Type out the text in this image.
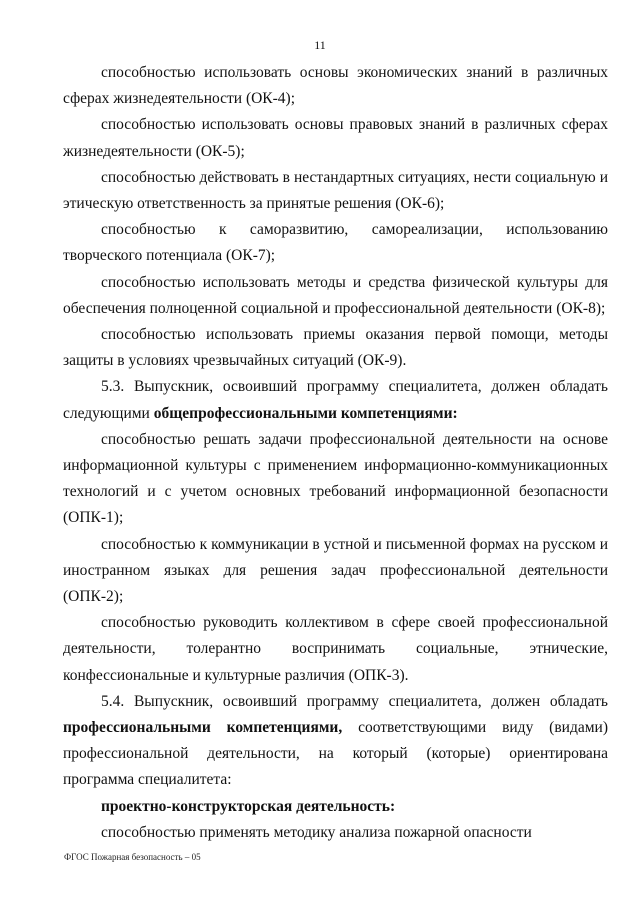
11

способностью использовать основы экономических знаний в различных сферах жизнедеятельности (ОК-4);

способностью использовать основы правовых знаний в различных сферах жизнедеятельности (ОК-5);

способностью действовать в нестандартных ситуациях, нести социальную и этическую ответственность за принятые решения (ОК-6);

способностью к саморазвитию, самореализации, использованию творческого потенциала (ОК-7);

способностью использовать методы и средства физической культуры для обеспечения полноценной социальной и профессиональной деятельности (ОК-8);

способностью использовать приемы оказания первой помощи, методы защиты в условиях чрезвычайных ситуаций (ОК-9).

5.3. Выпускник, освоивший программу специалитета, должен обладать следующими общепрофессиональными компетенциями:

способностью решать задачи профессиональной деятельности на основе информационной культуры с применением информационно-коммуникационных технологий и с учетом основных требований информационной безопасности (ОПК-1);

способностью к коммуникации в устной и письменной формах на русском и иностранном языках для решения задач профессиональной деятельности (ОПК-2);

способностью руководить коллективом в сфере своей профессиональной деятельности, толерантно воспринимать социальные, этнические, конфессиональные и культурные различия (ОПК-3).

5.4. Выпускник, освоивший программу специалитета, должен обладать профессиональными компетенциями, соответствующими виду (видами) профессиональной деятельности, на который (которые) ориентирована программа специалитета:

проектно-конструкторская деятельность:

способностью применять методику анализа пожарной опасности

ФГОС Пожарная безопасность – 05
